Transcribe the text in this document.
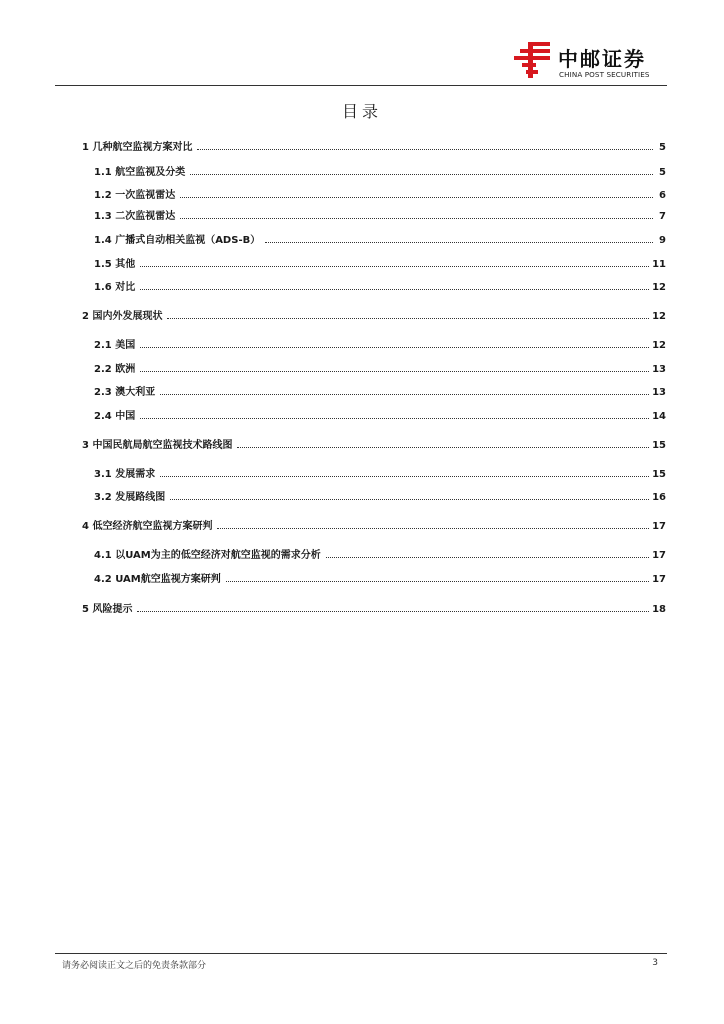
中邮证券
CHINA POST SECURITIES
目录
1 几种航空监视方案对比	5
1.1 航空监视及分类	5
1.2 一次监视雷达	6
1.3 二次监视雷达	7
1.4 广播式自动相关监视（ADS-B）	9
1.5 其他	11
1.6 对比	12
2 国内外发展现状	12
2.1 美国	12
2.2 欧洲	13
2.3 澳大利亚	13
2.4 中国	14
3 中国民航局航空监视技术路线图	15
3.1 发展需求	15
3.2 发展路线图	16
4 低空经济航空监视方案研判	17
4.1 以UAM为主的低空经济对航空监视的需求分析	17
4.2 UAM航空监视方案研判	17
5 风险提示	18
请务必阅读正文之后的免责条款部分	3
